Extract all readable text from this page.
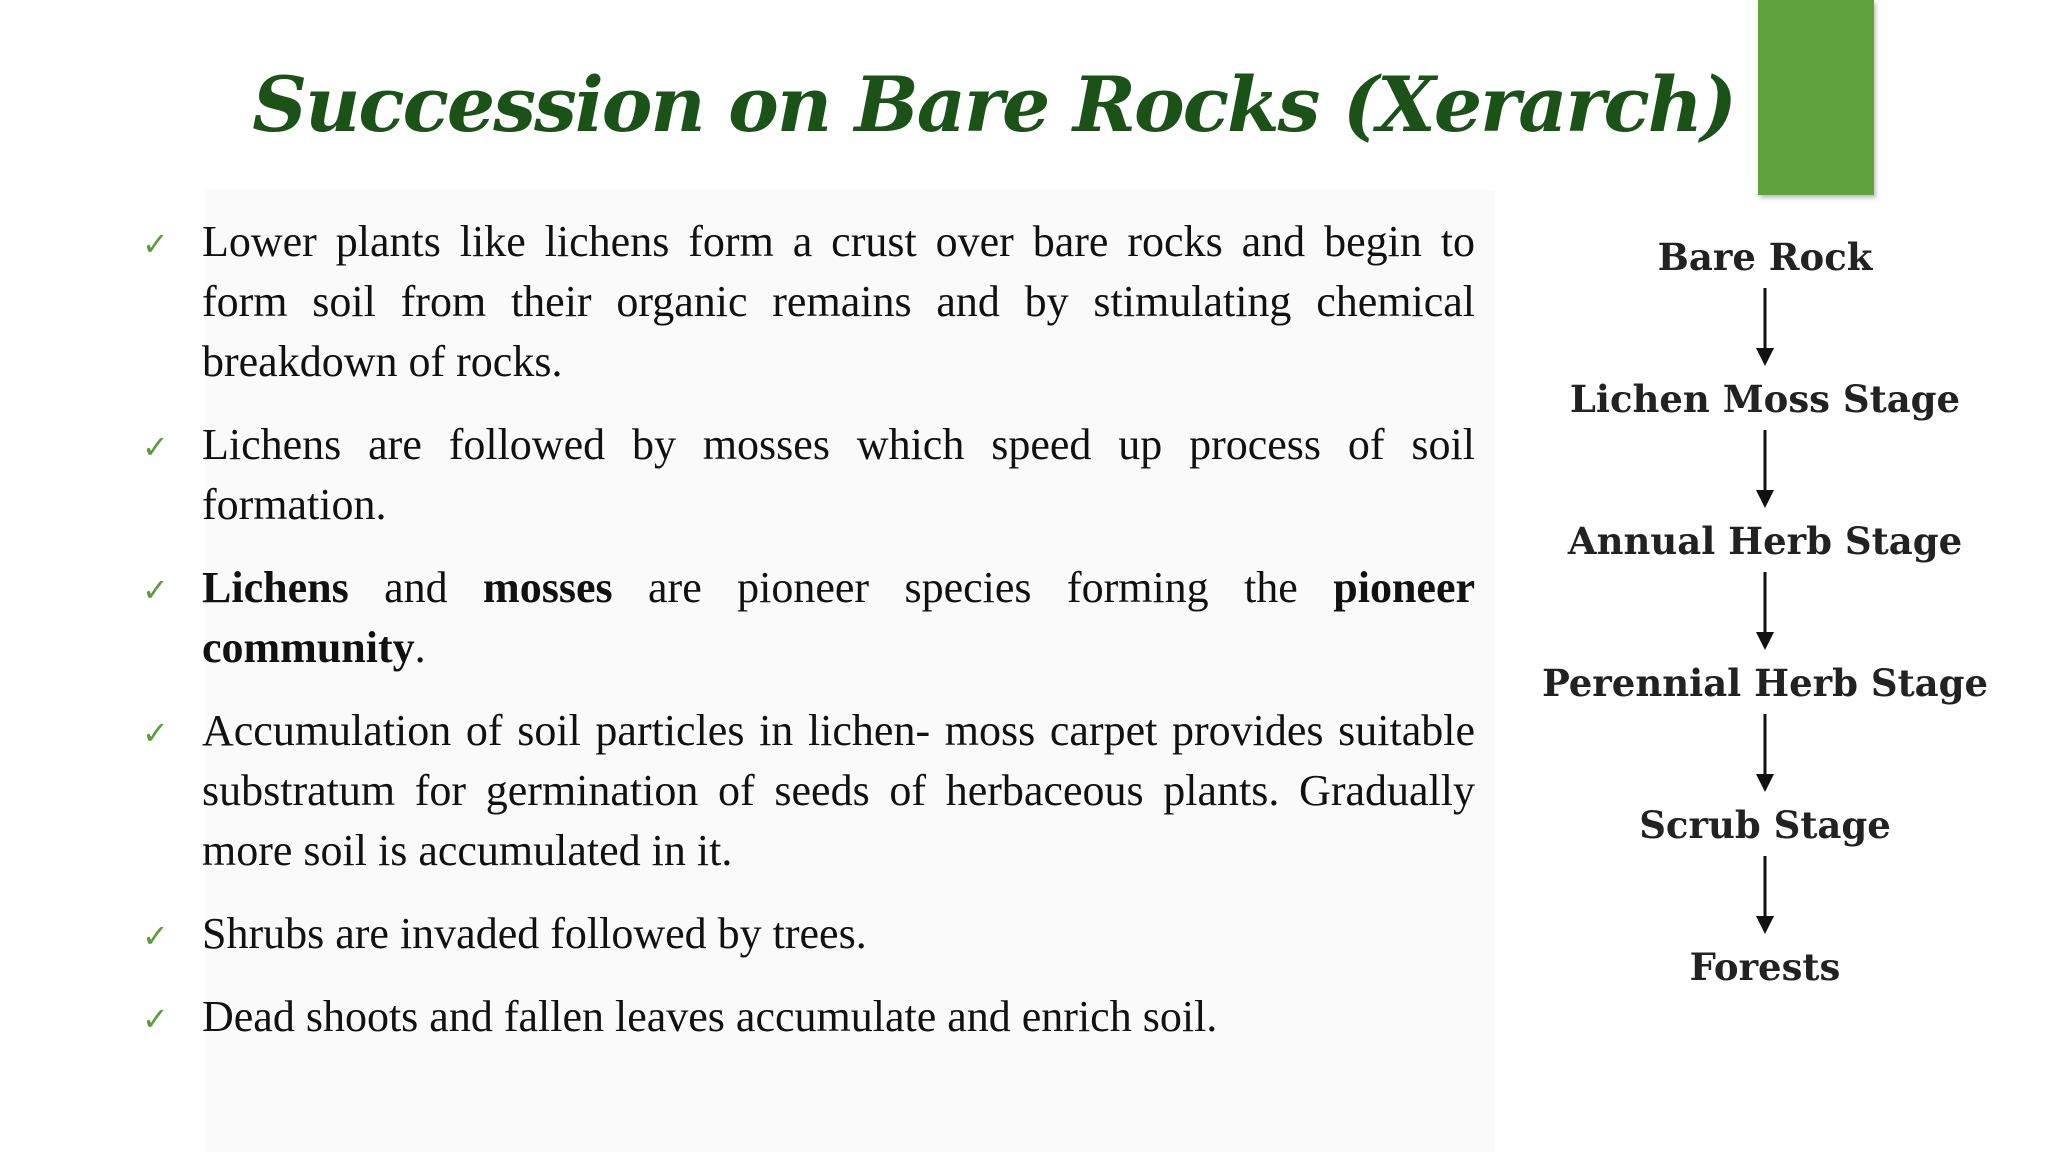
Succession on Bare Rocks (Xerarch)
✓ Lower plants like lichens form a crust over bare rocks and begin to form soil from their organic remains and by stimulating chemical breakdown of rocks.
✓ Lichens are followed by mosses which speed up process of soil formation.
✓ Lichens and mosses are pioneer species forming the pioneer community.
✓ Accumulation of soil particles in lichen- moss carpet provides suitable substratum for germination of seeds of herbaceous plants. Gradually more soil is accumulated in it.
✓ Shrubs are invaded followed by trees.
✓ Dead shoots and fallen leaves accumulate and enrich soil.
Bare Rock
Lichen Moss Stage
Annual Herb Stage
Perennial Herb Stage
Scrub Stage
Forests
